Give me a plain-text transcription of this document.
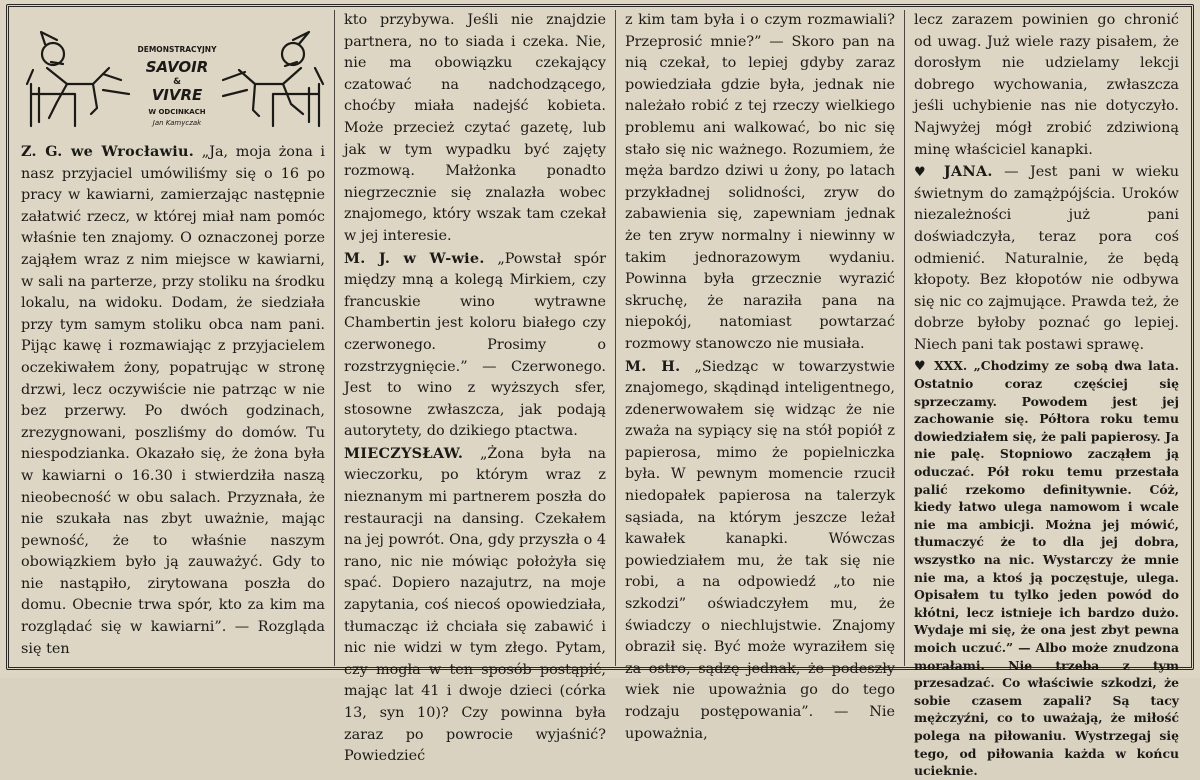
DEMONSTRACYJNY
SAVOIR
&
VIVRE
W ODCINKACH
Jan Kamyczak

Z. G. we Wrocławiu. „Ja, moja żona i nasz przyjaciel umówiliśmy się o 16 po pracy w kawiarni, zamierzając następnie załatwić rzecz, w której miał nam pomóc właśnie ten znajomy. O oznaczonej porze zająłem wraz z nim miejsce w kawiarni, w sali na parterze, przy stoliku na środku lokalu, na widoku. Dodam, że siedziała przy tym samym stoliku obca nam pani. Pijąc kawę i rozmawiając z przyjacielem oczekiwałem żony, popatrując w stronę drzwi, lecz oczywiście nie patrząc w nie bez przerwy. Po dwóch godzinach, zrezygnowani, poszliśmy do domów. Tu niespodzianka. Okazało się, że żona była w kawiarni o 16.30 i stwierdziła naszą nieobecność w obu salach. Przyznała, że nie szukała nas zbyt uważnie, mając pewność, że to właśnie naszym obowiązkiem było ją zauważyć. Gdy to nie nastąpiło, zirytowana poszła do domu. Obecnie trwa spór, kto za kim ma rozglądać się w kawiarni”. — Rozgląda się ten

kto przybywa. Jeśli nie znajdzie partnera, no to siada i czeka. Nie, nie ma obowiązku czekający czatować na nadchodzącego, choćby miała nadejść kobieta. Może przecież czytać gazetę, lub jak w tym wypadku być zajęty rozmową. Małżonka ponadto niegrzecznie się znalazła wobec znajomego, który wszak tam czekał w jej interesie.

M. J. w W-wie. „Powstał spór między mną a kolegą Mirkiem, czy francuskie wino wytrawne Chambertin jest koloru białego czy czerwonego. Prosimy o rozstrzygnięcie.” — Czerwonego. Jest to wino z wyższych sfer, stosowne zwłaszcza, jak podają autorytety, do dzikiego ptactwa.

MIECZYSŁAW. „Żona była na wieczorku, po którym wraz z nieznanym mi partnerem poszła do restauracji na dansing. Czekałem na jej powrót. Ona, gdy przyszła o 4 rano, nic nie mówiąc położyła się spać. Dopiero nazajutrz, na moje zapytania, coś niecoś opowiedziała, tłumacząc iż chciała się zabawić i nic nie widzi w tym złego. Pytam, czy mogła w ten sposób postąpić, mając lat 41 i dwoje dzieci (córka 13, syn 10)? Czy powinna była zaraz po powrocie wyjaśnić? Powiedzieć

z kim tam była i o czym rozmawiali? Przeprosić mnie?” — Skoro pan na nią czekał, to lepiej gdyby zaraz powiedziała gdzie była, jednak nie należało robić z tej rzeczy wielkiego problemu ani walkować, bo nic się stało się nic ważnego. Rozumiem, że męża bardzo dziwi u żony, po latach przykładnej solidności, zryw do zabawienia się, zapewniam jednak że ten zryw normalny i niewinny w takim jednorazowym wydaniu. Powinna była grzecznie wyrazić skruchę, że naraziła pana na niepokój, natomiast powtarzać rozmowy stanowczo nie musiała.

M. H. „Siedząc w towarzystwie znajomego, skądinąd inteligentnego, zdenerwowałem się widząc że nie zważa na sypiący się na stół popiół z papierosa, mimo że popielniczka była. W pewnym momencie rzucił niedopałek papierosa na talerzyk sąsiada, na którym jeszcze leżał kawałek kanapki. Wówczas powiedziałem mu, że tak się nie robi, a na odpowiedź „to nie szkodzi” oświadczyłem mu, że świadczy o niechlujstwie. Znajomy obraził się. Być może wyraziłem się za ostro, sądzę jednak, że podeszły wiek nie upoważnia go do tego rodzaju postępowania”. — Nie upoważnia,

lecz zarazem powinien go chronić od uwag. Już wiele razy pisałem, że dorosłym nie udzielamy lekcji dobrego wychowania, zwłaszcza jeśli uchybienie nas nie dotyczyło. Najwyżej mógł zrobić zdziwioną minę właściciel kanapki.

♥ JANA. — Jest pani w wieku świetnym do zamążpójścia. Uroków niezależności już pani doświadczyła, teraz pora coś odmienić. Naturalnie, że będą kłopoty. Bez kłopotów nie odbywa się nic co zajmujące. Prawda też, że dobrze byłoby poznać go lepiej. Niech pani tak postawi sprawę.

♥ XXX. „Chodzimy ze sobą dwa lata. Ostatnio coraz częściej się sprzeczamy. Powodem jest jej zachowanie się. Półtora roku temu dowiedziałem się, że pali papierosy. Ja nie palę. Stopniowo zacząłem ją oduczać. Pół roku temu przestała palić rzekomo definitywnie. Cóż, kiedy łatwo ulega namowom i wcale nie ma ambicji. Można jej mówić, tłumaczyć że to dla jej dobra, wszystko na nic. Wystarczy że mnie nie ma, a ktoś ją poczęstuje, ulega. Opisałem tu tylko jeden powód do kłótni, lecz istnieje ich bardzo dużo. Wydaje mi się, że ona jest zbyt pewna moich uczuć.” — Albo może znudzona morałami. Nie trzeba z tym przesadzać. Co właściwie szkodzi, że sobie czasem zapali? Są tacy mężczyźni, co to uważają, że miłość polega na piłowaniu. Wystrzegaj się tego, od piłowania każda w końcu ucieknie.
